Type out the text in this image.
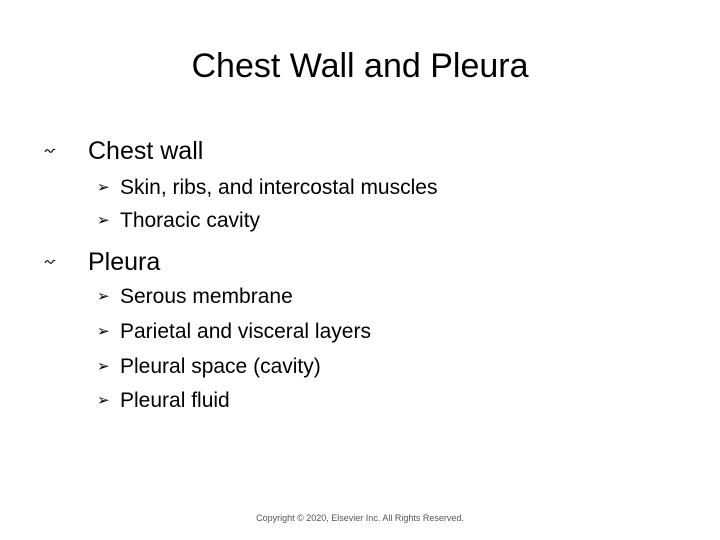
Chest Wall and Pleura
Chest wall
➢ Skin, ribs, and intercostal muscles
➢ Thoracic cavity
Pleura
➢ Serous membrane
➢ Parietal and visceral layers
➢ Pleural space (cavity)
➢ Pleural fluid
Copyright © 2020, Elsevier Inc. All Rights Reserved.
